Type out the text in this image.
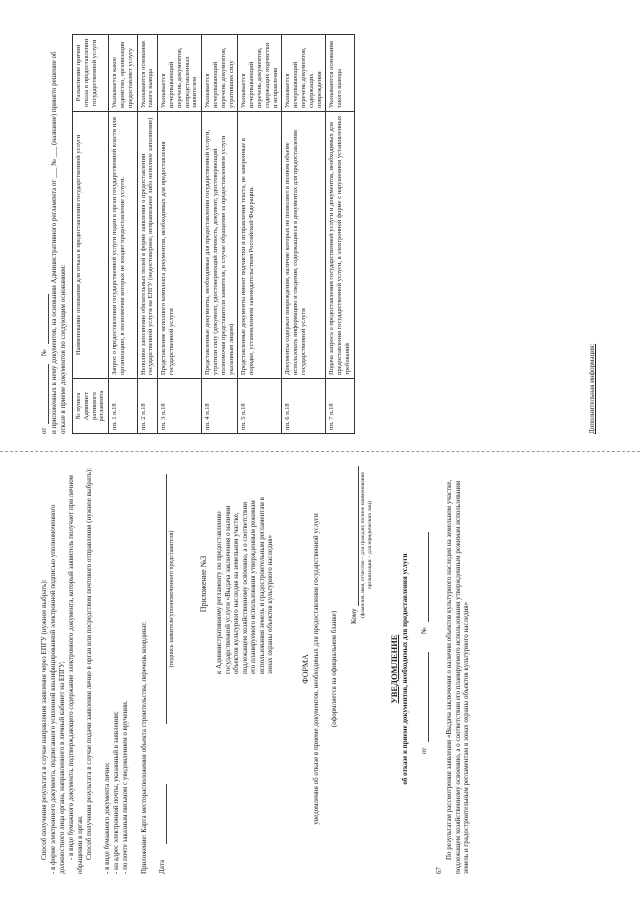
Способ получения результата в случае направления заявления через ЕПГУ (нужное выбрать): - в форме электронного документа, подписанного усиленной квалифицированной электронной подписью уполномоченного должностного лица органа, направленного в личный кабинет на ЕПГУ; - в виде бумажного документа, подтверждающего содержание электронного документа, который заявитель получает при личном обращении в орган. Способ получения результата в случае подачи заявления лично в орган или посредством почтового отправления (нужное выбрать): - в виде бумажного документа лично; - на адрес электронной почты, указанный в заявлении; - по почте заказным письмом с уведомлением о вручении. Приложение: Карта месторасположения объекта строительства, перечень координат. Дата
(подпись заявителя/уполномоченного представителя)	Приложение №3 к Административному регламенту по предоставлению государственной услуги «Выдача заключения о наличии объектов культурного наследия на земельном участке, подлежащем хозяйственному освоению, а о соответствии его планируемого использования утвержденным режимам использования земель и градостроительным регламентам в зонах охраны объектов культурного наследия»	ФОРМА уведомления об отказе в приеме документов, необходимых для предоставления государственной услуги (оформляется на официальном бланке) Кому (фамилия, имя, отчество – для граждан; полное наименование организации – для юридических лиц)
УВЕДОМЛЕНИЕ об отказе в приеме документов, необходимых для предоставления услуги от
№ По результатам рассмотрения заявления «Выдача заключения о наличии объектов культурного наследия на земельном участке, подлежащем хозяйственному освоению, а о соответствии его планируемого использования утвержденным режимам использования земель и градостроительным регламентам в зонах охраны объектов культурного наследия»
67
от
№ и приложенных к нему документов, на основании Административного регламента от ___ № ___ (название) принято решение об отказе в приеме документов по следующим основаниям: № пункта Админист ративного регламента	Наименование основания для отказа в предоставлении государственной услуги	Разъяснение причин отказа в предоставлении государственной услуги
пп. 1 п.18	Запрос о предоставлении государственной услуги подан в орган государственной власти или организацию, в полномочия которых не входит предоставление услуги.	Указывается какое ведомство, организация предоставляет услугу
пп. 2 п.18	Неполное заполнение обязательных полей в форме заявления о предоставлении государственной услуги на ЕПГУ (недостоверное, неправильное либо неполное заполнение)	Указываются основания такого вывода
пп. 3 п.18	Представление неполного комплекта документов, необходимых для предоставления государственной услуги	Указывается исчерпывающий перечень документов, непредставленных заявителем
пп. 4 п.18	Представленные документы, необходимые для предоставления государственной услуги, утратили силу (документ, удостоверяющий личность, документ, удостоверяющий полномочия представителя заявителя, в случае обращения за предоставлением услуги указанным лицом)	Указывается исчерпывающий перечень документов, утративших силу
пп. 5 п.18	Представленные документы имеют подчистки и исправления текста, не заверенные в порядке, установленном законодательством Российской Федерации.	Указывается исчерпывающий перечень документов, содержащих подчистки и исправления
пп. 6 п.18	Документы содержат повреждения, наличие которых не позволяет в полном объеме использовать информацию и сведения, содержащиеся в документах для предоставления государственной услуги	Указывается исчерпывающий перечень документов, содержащих повреждения
пп. 7 п.18	Подача запроса о предоставлении государственной услуги и документов, необходимых для предоставления государственной услуги, в электронной форме с нарушением установленных требований	Указываются основания такого вывода
Дополнительная информация:
